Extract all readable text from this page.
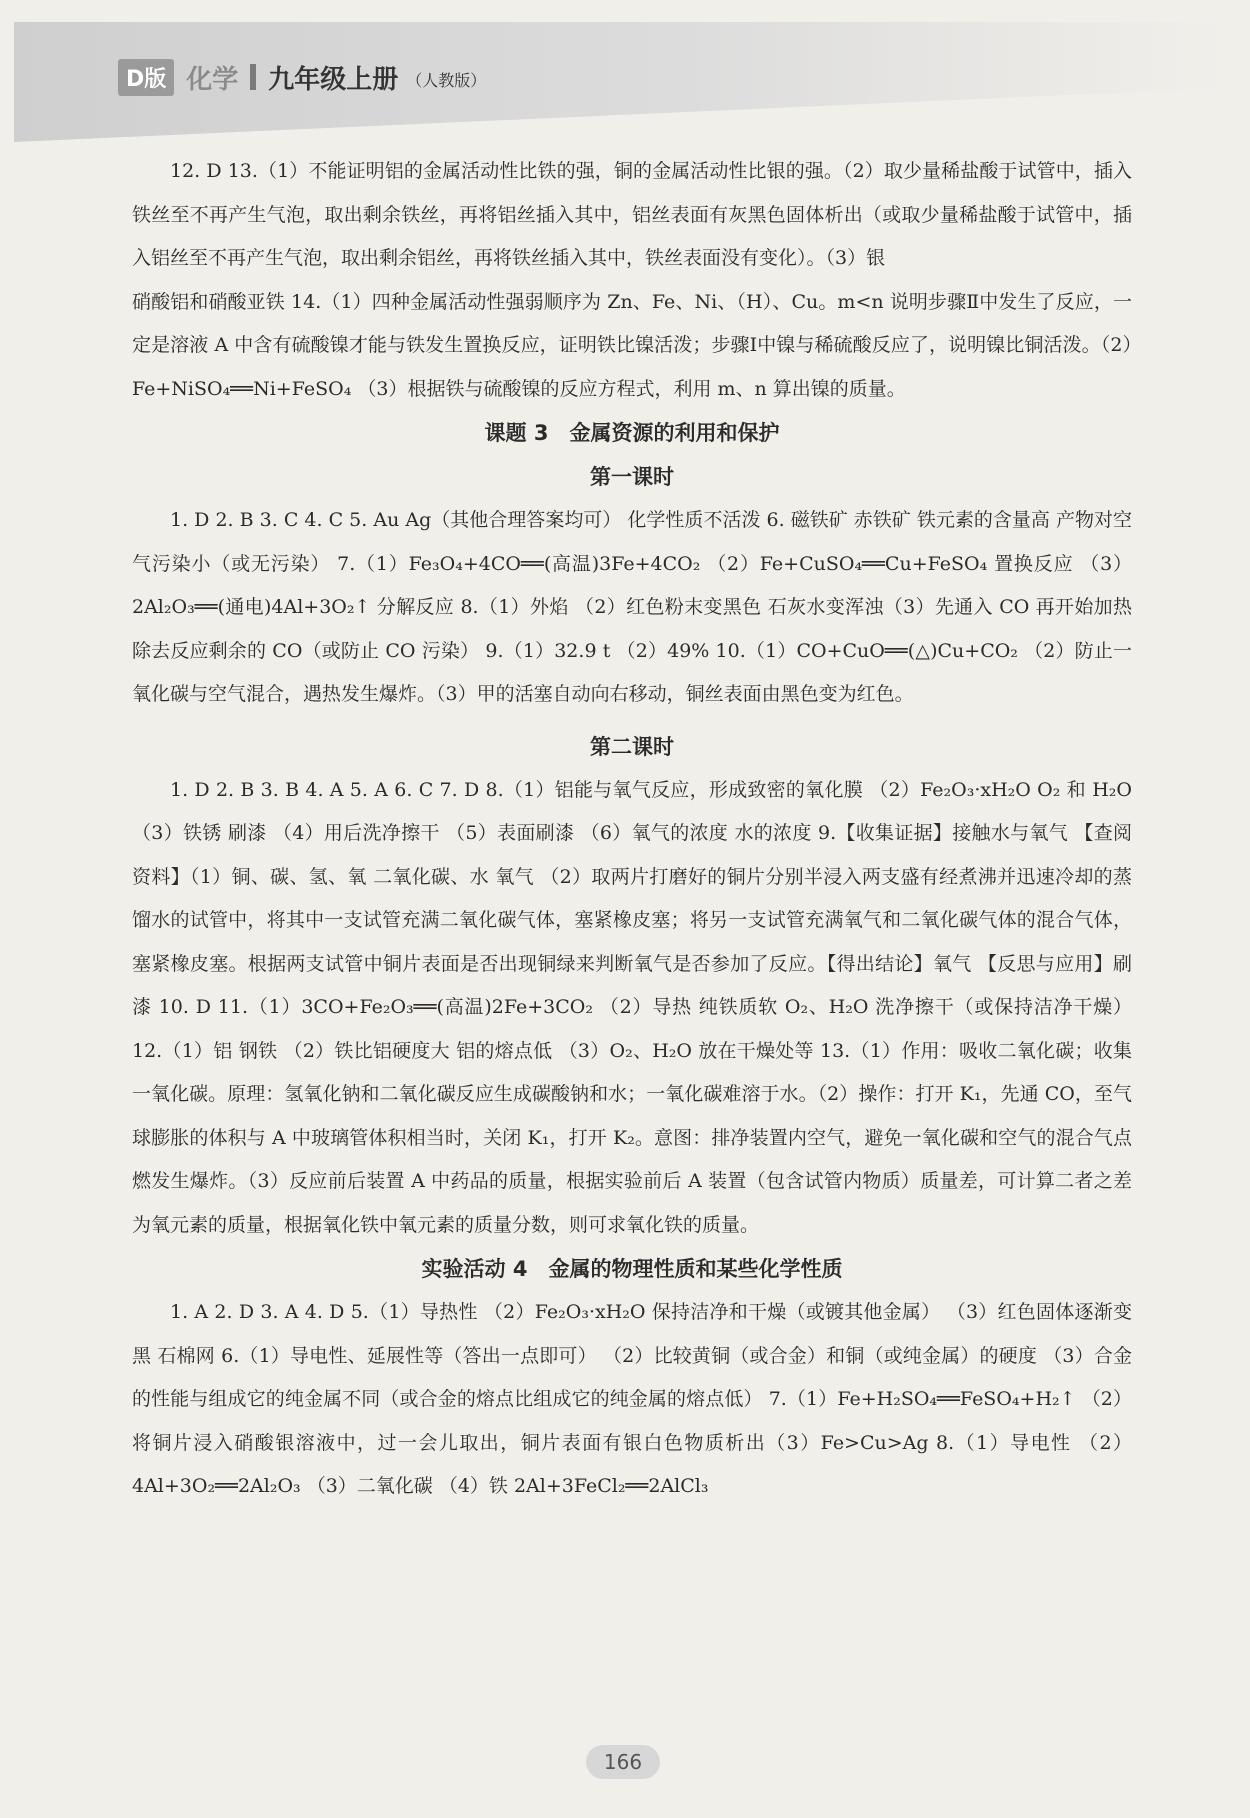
D版 化学 九年级上册 （人教版）

12. D 13.（1）不能证明铝的金属活动性比铁的强，铜的金属活动性比银的强。（2）取少量稀盐酸于试管中，插入铁丝至不再产生气泡，取出剩余铁丝，再将铝丝插入其中，铝丝表面有灰黑色固体析出（或取少量稀盐酸于试管中，插入铝丝至不再产生气泡，取出剩余铝丝，再将铁丝插入其中，铁丝表面没有变化）。（3）银

硝酸铝和硝酸亚铁 14.（1）四种金属活动性强弱顺序为 Zn、Fe、Ni、（H）、Cu。m<n 说明步骤Ⅱ中发生了反应，一定是溶液 A 中含有硫酸镍才能与铁发生置换反应，证明铁比镍活泼；步骤Ⅰ中镍与稀硫酸反应了，说明镍比铜活泼。（2）Fe+NiSO₄══Ni+FeSO₄ （3）根据铁与硫酸镍的反应方程式，利用 m、n 算出镍的质量。

课题 3　金属资源的利用和保护

第一课时

1. D 2. B 3. C 4. C 5. Au Ag（其他合理答案均可） 化学性质不活泼 6. 磁铁矿 赤铁矿 铁元素的含量高 产物对空气污染小（或无污染） 7.（1）Fe₃O₄+4CO══(高温)3Fe+4CO₂ （2）Fe+CuSO₄══Cu+FeSO₄ 置换反应 （3）2Al₂O₃══(通电)4Al+3O₂↑ 分解反应 8.（1）外焰 （2）红色粉末变黑色 石灰水变浑浊（3）先通入 CO 再开始加热 除去反应剩余的 CO（或防止 CO 污染） 9.（1）32.9 t （2）49% 10.（1）CO+CuO══(△)Cu+CO₂ （2）防止一氧化碳与空气混合，遇热发生爆炸。（3）甲的活塞自动向右移动，铜丝表面由黑色变为红色。

第二课时

1. D 2. B 3. B 4. A 5. A 6. C 7. D 8.（1）铝能与氧气反应，形成致密的氧化膜 （2）Fe₂O₃·xH₂O O₂ 和 H₂O （3）铁锈 刷漆 （4）用后洗净擦干 （5）表面刷漆 （6）氧气的浓度 水的浓度 9.【收集证据】接触水与氧气 【查阅资料】（1）铜、碳、氢、氧 二氧化碳、水 氧气 （2）取两片打磨好的铜片分别半浸入两支盛有经煮沸并迅速冷却的蒸馏水的试管中，将其中一支试管充满二氧化碳气体，塞紧橡皮塞；将另一支试管充满氧气和二氧化碳气体的混合气体，塞紧橡皮塞。根据两支试管中铜片表面是否出现铜绿来判断氧气是否参加了反应。【得出结论】氧气 【反思与应用】刷漆 10. D 11.（1）3CO+Fe₂O₃══(高温)2Fe+3CO₂ （2）导热 纯铁质软 O₂、H₂O 洗净擦干（或保持洁净干燥） 12.（1）铝 钢铁 （2）铁比铝硬度大 铝的熔点低 （3）O₂、H₂O 放在干燥处等 13.（1）作用：吸收二氧化碳；收集一氧化碳。原理：氢氧化钠和二氧化碳反应生成碳酸钠和水；一氧化碳难溶于水。（2）操作：打开 K₁，先通 CO，至气球膨胀的体积与 A 中玻璃管体积相当时，关闭 K₁，打开 K₂。意图：排净装置内空气，避免一氧化碳和空气的混合气点燃发生爆炸。（3）反应前后装置 A 中药品的质量，根据实验前后 A 装置（包含试管内物质）质量差，可计算二者之差为氧元素的质量，根据氧化铁中氧元素的质量分数，则可求氧化铁的质量。

实验活动 4　金属的物理性质和某些化学性质

1. A 2. D 3. A 4. D 5.（1）导热性 （2）Fe₂O₃·xH₂O 保持洁净和干燥（或镀其他金属） （3）红色固体逐渐变黑 石棉网 6.（1）导电性、延展性等（答出一点即可） （2）比较黄铜（或合金）和铜（或纯金属）的硬度 （3）合金的性能与组成它的纯金属不同（或合金的熔点比组成它的纯金属的熔点低） 7.（1）Fe+H₂SO₄══FeSO₄+H₂↑ （2）将铜片浸入硝酸银溶液中，过一会儿取出，铜片表面有银白色物质析出（3）Fe>Cu>Ag 8.（1）导电性 （2）4Al+3O₂══2Al₂O₃ （3）二氧化碳 （4）铁 2Al+3FeCl₂══2AlCl₃

166
